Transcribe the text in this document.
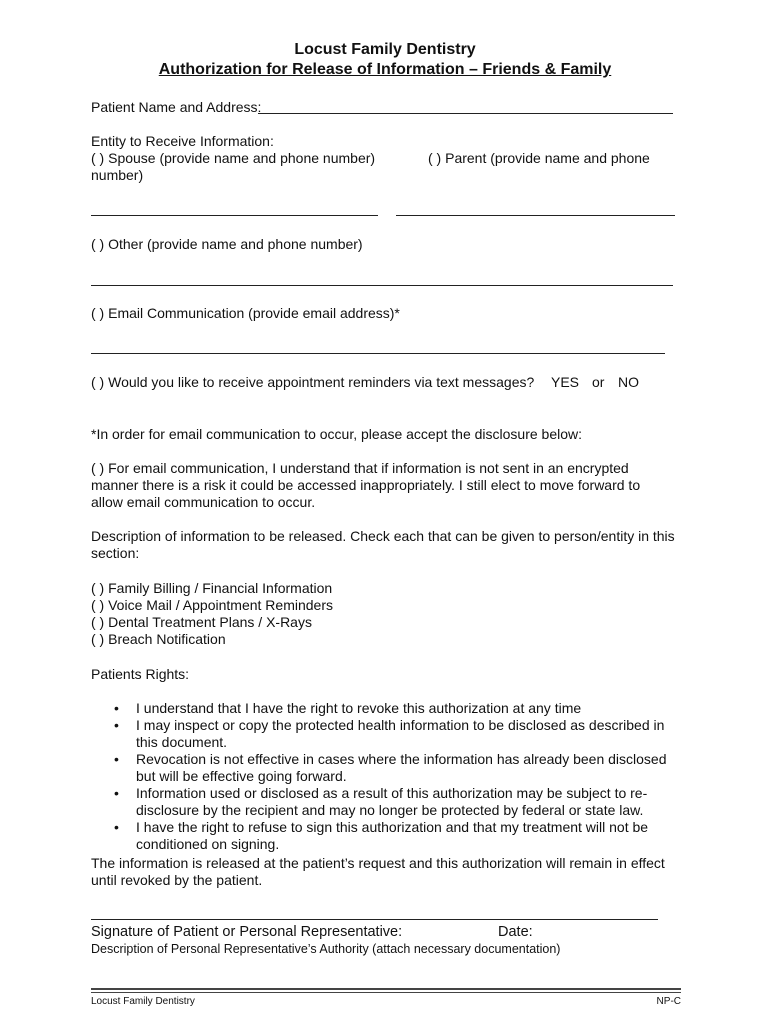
Locust Family Dentistry
Authorization for Release of Information – Friends & Family
Patient Name and Address:
Entity to Receive Information:
( ) Spouse (provide name and phone number)	( ) Parent (provide name and phone
number)
( ) Other (provide name and phone number)
( ) Email Communication (provide email address)*
( ) Would you like to receive appointment reminders via text messages? YES or NO
*In order for email communication to occur, please accept the disclosure below:
( ) For email communication, I understand that if information is not sent in an encrypted manner there is a risk it could be accessed inappropriately. I still elect to move forward to allow email communication to occur.
Description of information to be released. Check each that can be given to person/entity in this section:
( ) Family Billing / Financial Information
( ) Voice Mail / Appointment Reminders
( ) Dental Treatment Plans / X-Rays
( ) Breach Notification
Patients Rights:
• I understand that I have the right to revoke this authorization at any time
• I may inspect or copy the protected health information to be disclosed as described in this document.
• Revocation is not effective in cases where the information has already been disclosed but will be effective going forward.
• Information used or disclosed as a result of this authorization may be subject to re-disclosure by the recipient and may no longer be protected by federal or state law.
• I have the right to refuse to sign this authorization and that my treatment will not be conditioned on signing.
The information is released at the patient’s request and this authorization will remain in effect until revoked by the patient.
Signature of Patient or Personal Representative:	Date:
Description of Personal Representative’s Authority (attach necessary documentation)
Locust Family Dentistry	NP-C
